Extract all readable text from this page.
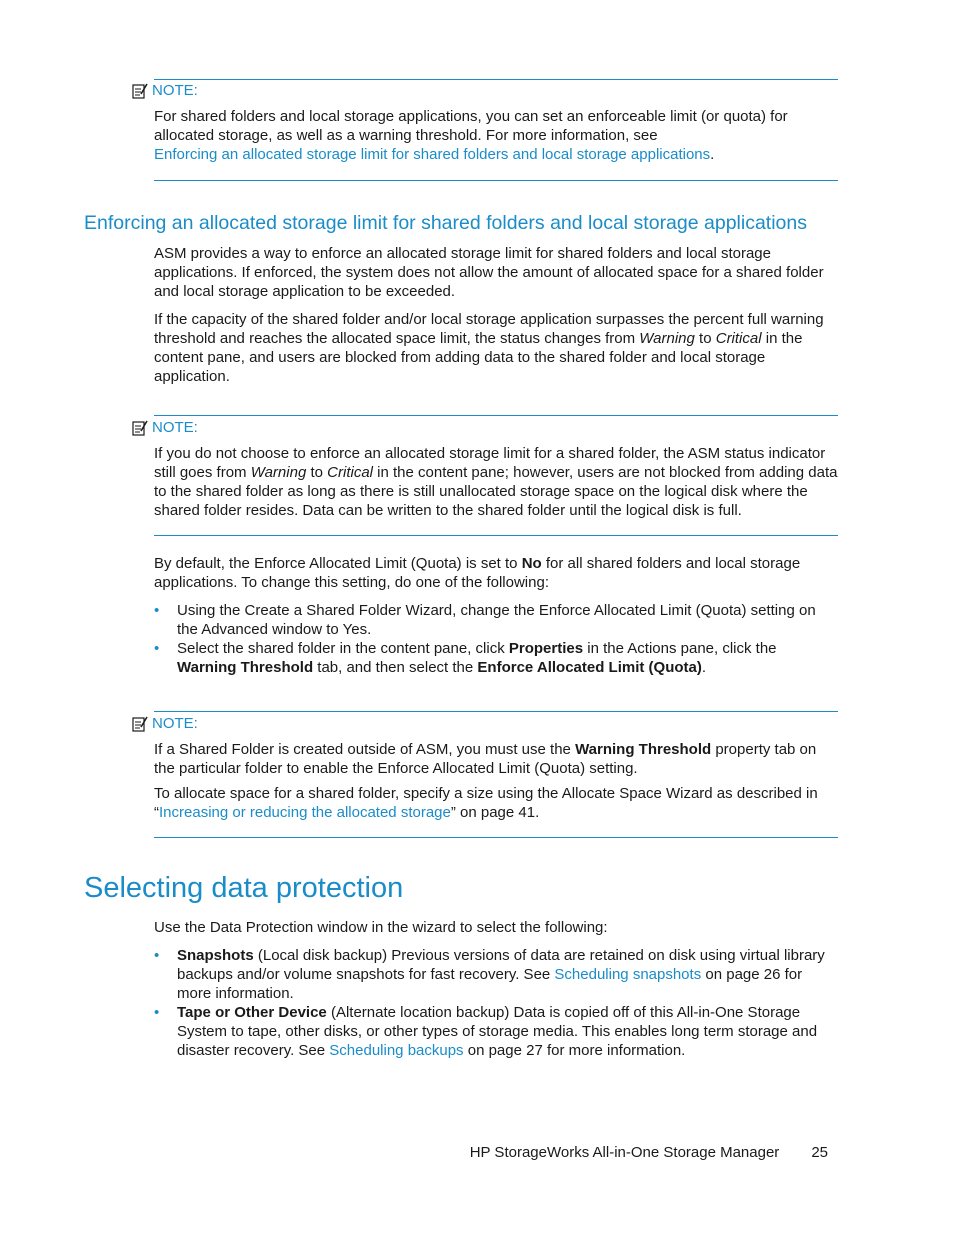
NOTE:

For shared folders and local storage applications, you can set an enforceable limit (or quota) for allocated storage, as well as a warning threshold. For more information, see
Enforcing an allocated storage limit for shared folders and local storage applications.

Enforcing an allocated storage limit for shared folders and local storage applications

ASM provides a way to enforce an allocated storage limit for shared folders and local storage applications. If enforced, the system does not allow the amount of allocated space for a shared folder and local storage application to be exceeded.

If the capacity of the shared folder and/or local storage application surpasses the percent full warning threshold and reaches the allocated space limit, the status changes from Warning to Critical in the content pane, and users are blocked from adding data to the shared folder and local storage application.

NOTE:

If you do not choose to enforce an allocated storage limit for a shared folder, the ASM status indicator still goes from Warning to Critical in the content pane; however, users are not blocked from adding data to the shared folder as long as there is still unallocated storage space on the logical disk where the shared folder resides. Data can be written to the shared folder until the logical disk is full.

By default, the Enforce Allocated Limit (Quota) is set to No for all shared folders and local storage applications. To change this setting, do one of the following:

• Using the Create a Shared Folder Wizard, change the Enforce Allocated Limit (Quota) setting on the Advanced window to Yes.
• Select the shared folder in the content pane, click Properties in the Actions pane, click the Warning Threshold tab, and then select the Enforce Allocated Limit (Quota).
NOTE:

If a Shared Folder is created outside of ASM, you must use the Warning Threshold property tab on the particular folder to enable the Enforce Allocated Limit (Quota) setting.

To allocate space for a shared folder, specify a size using the Allocate Space Wizard as described in “Increasing or reducing the allocated storage” on page 41.

Selecting data protection

Use the Data Protection window in the wizard to select the following:

• Snapshots (Local disk backup) Previous versions of data are retained on disk using virtual library backups and/or volume snapshots for fast recovery. See Scheduling snapshots on page 26 for more information.
• Tape or Other Device (Alternate location backup) Data is copied off of this All-in-One Storage System to tape, other disks, or other types of storage media. This enables long term storage and disaster recovery. See Scheduling backups on page 27 for more information.
HP StorageWorks All-in-One Storage Manager 25
